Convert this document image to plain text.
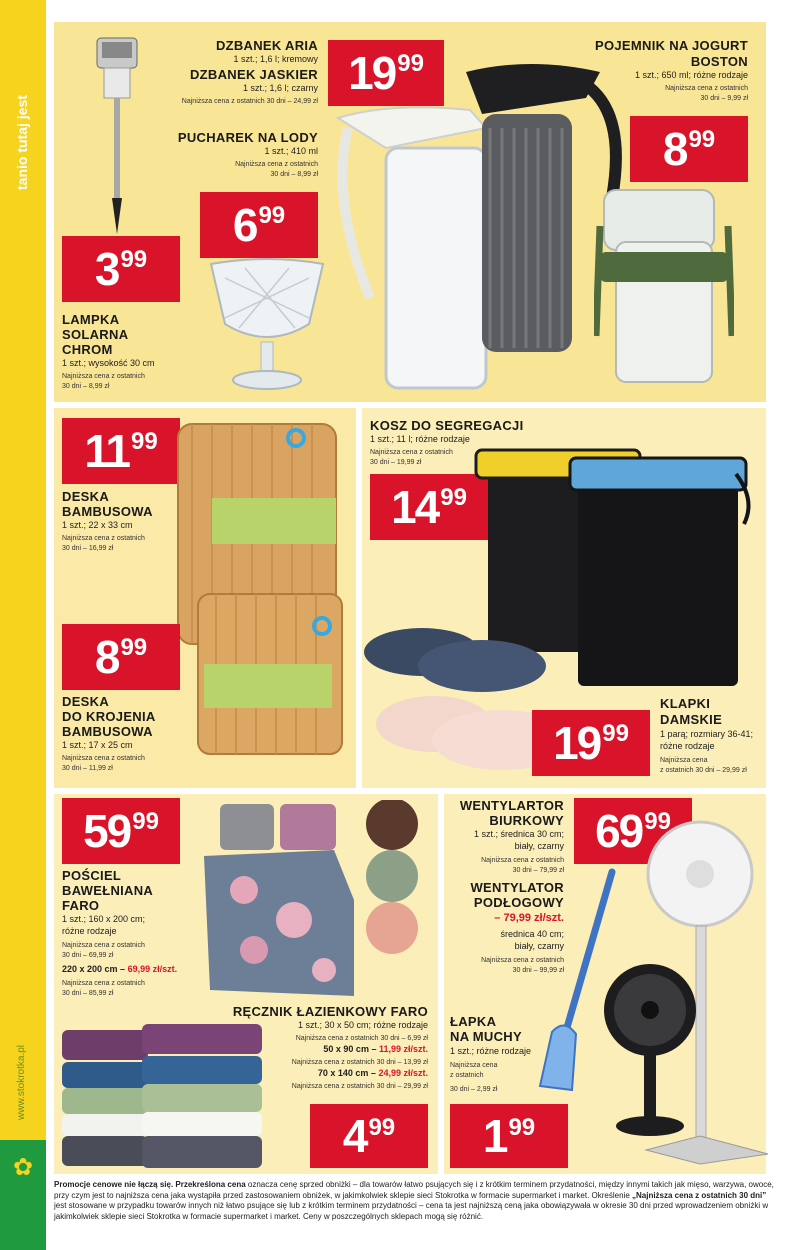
tanio tutaj jest
www.stokrotka.pl
✿
DZBANEK ARIA
1 szt.; 1,6 l; kremowy
DZBANEK JASKIER
1 szt.; 1,6 l; czarny
Najniższa cena z ostatnich 30 dni – 24,99 zł
19 99
PUCHAREK NA LODY
1 szt.; 410 ml
Najniższa cena z ostatnich
30 dni – 8,99 zł
6 99
3 99
LAMPKA
SOLARNA
CHROM
1 szt.; wysokość 30 cm
Najniższa cena z ostatnich
30 dni – 8,99 zł
POJEMNIK NA JOGURT
BOSTON
1 szt.; 650 ml; różne rodzaje
Najniższa cena z ostatnich
30 dni – 9,99 zł
8 99
11 99
DESKA
BAMBUSOWA
1 szt.; 22 x 33 cm
Najniższa cena z ostatnich
30 dni – 16,99 zł
8 99
DESKA
DO KROJENIA
BAMBUSOWA
1 szt.; 17 x 25 cm
Najniższa cena z ostatnich
30 dni – 11,99 zł
KOSZ DO SEGREGACJI
1 szt.; 11 l; różne rodzaje
Najniższa cena z ostatnich
30 dni – 19,99 zł
14 99
KLAPKI
DAMSKIE
1 parą; rozmiary 36-41;
różne rodzaje
Najniższa cena
z ostatnich 30 dni – 29,99 zł
19 99
59 99
POŚCIEL
BAWEŁNIANA
FARO
1 szt.; 160 x 200 cm;
różne rodzaje
Najniższa cena z ostatnich
30 dni – 69,99 zł
220 x 200 cm – 69,99 zł/szt.
Najniższa cena z ostatnich
30 dni – 85,99 zł
RĘCZNIK ŁAZIENKOWY FARO
1 szt.; 30 x 50 cm; różne rodzaje
Najniższa cena z ostatnich 30 dni – 6,99 zł
50 x 90 cm – 11,99 zł/szt.
Najniższa cena z ostatnich 30 dni – 13,99 zł
70 x 140 cm – 24,99 zł/szt.
Najniższa cena z ostatnich 30 dni – 29,99 zł
4 99
WENTYLARTOR
BIURKOWY
1 szt.; średnica 30 cm;
biały, czarny
Najniższa cena z ostatnich
30 dni – 79,99 zł
69 99
WENTYLATOR
PODŁOGOWY
– 79,99 zł/szt.
średnica 40 cm;
biały, czarny
Najniższa cena z ostatnich
30 dni – 99,99 zł
ŁAPKA
NA MUCHY
1 szt.; różne rodzaje
Najniższa cena
z ostatnich
30 dni – 2,99 zł
1 99
Promocje cenowe nie łączą się. Przekreślona cena oznacza cenę sprzed obniżki – dla towarów łatwo psujących się i z krótkim terminem przydatności, między innymi takich jak mięso, warzywa, owoce, przy czym jest to najniższa cena jaka wystąpiła przed zastosowaniem obniżek, w jakimkolwiek sklepie sieci Stokrotka w formacie supermarket i market. Określenie „Najniższa cena z ostatnich 30 dni” jest stosowane w przypadku towarów innych niż łatwo psujące się lub z krótkim terminem przydatności – cena ta jest najniższą ceną jaka obowiązywała w okresie 30 dni przed wprowadzeniem obniżki w jakimkolwiek sklepie sieci Stokrotka w formacie supermarket i market. Ceny w poszczególnych sklepach mogą się różnić.
